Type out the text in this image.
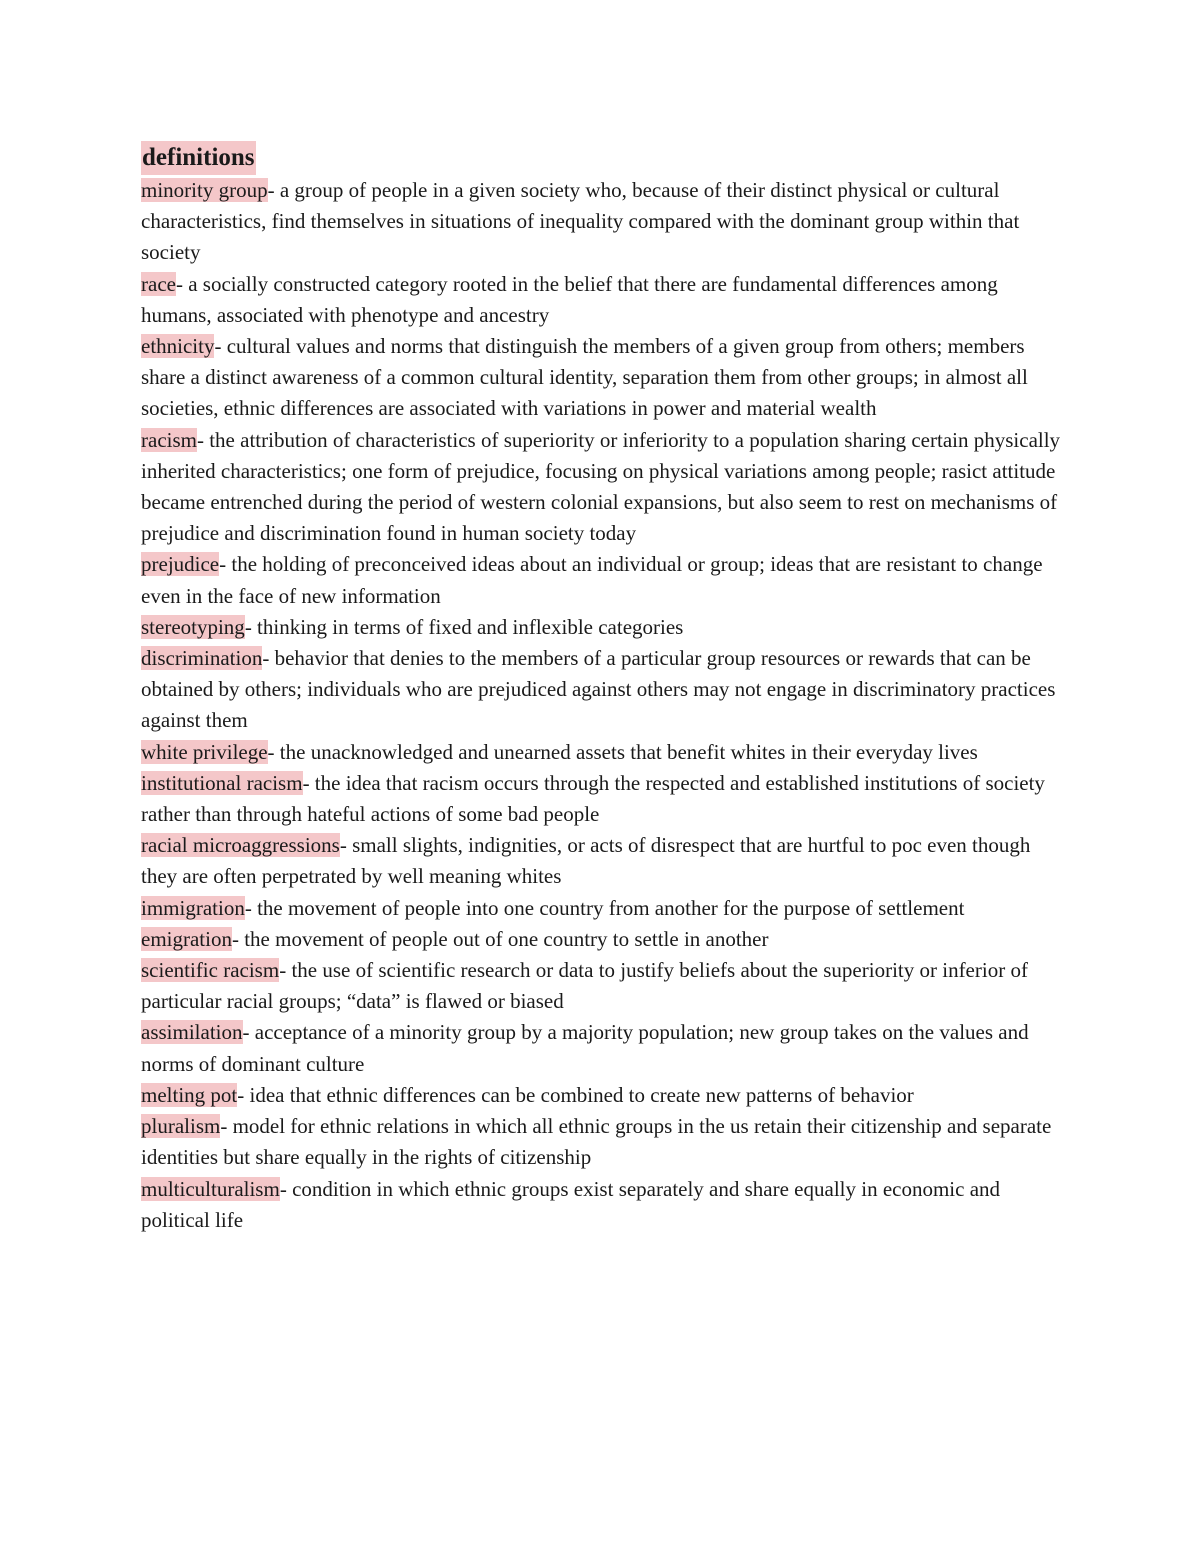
definitions

minority group- a group of people in a given society who, because of their distinct physical or cultural characteristics, find themselves in situations of inequality compared with the dominant group within that society

race- a socially constructed category rooted in the belief that there are fundamental differences among humans, associated with phenotype and ancestry

ethnicity- cultural values and norms that distinguish the members of a given group from others; members share a distinct awareness of a common cultural identity, separation them from other groups; in almost all societies, ethnic differences are associated with variations in power and material wealth

racism- the attribution of characteristics of superiority or inferiority to a population sharing certain physically inherited characteristics; one form of prejudice, focusing on physical variations among people; rasict attitude became entrenched during the period of western colonial expansions, but also seem to rest on mechanisms of prejudice and discrimination found in human society today

prejudice- the holding of preconceived ideas about an individual or group; ideas that are resistant to change even in the face of new information

stereotyping- thinking in terms of fixed and inflexible categories

discrimination- behavior that denies to the members of a particular group resources or rewards that can be obtained by others; individuals who are prejudiced against others may not engage in discriminatory practices against them

white privilege- the unacknowledged and unearned assets that benefit whites in their everyday lives

institutional racism- the idea that racism occurs through the respected and established institutions of society rather than through hateful actions of some bad people

racial microaggressions- small slights, indignities, or acts of disrespect that are hurtful to poc even though they are often perpetrated by well meaning whites

immigration- the movement of people into one country from another for the purpose of settlement

emigration- the movement of people out of one country to settle in another

scientific racism- the use of scientific research or data to justify beliefs about the superiority or inferior of particular racial groups; “data” is flawed or biased

assimilation- acceptance of a minority group by a majority population; new group takes on the values and norms of dominant culture

melting pot- idea that ethnic differences can be combined to create new patterns of behavior

pluralism- model for ethnic relations in which all ethnic groups in the us retain their citizenship and separate identities but share equally in the rights of citizenship

multiculturalism- condition in which ethnic groups exist separately and share equally in economic and political life
